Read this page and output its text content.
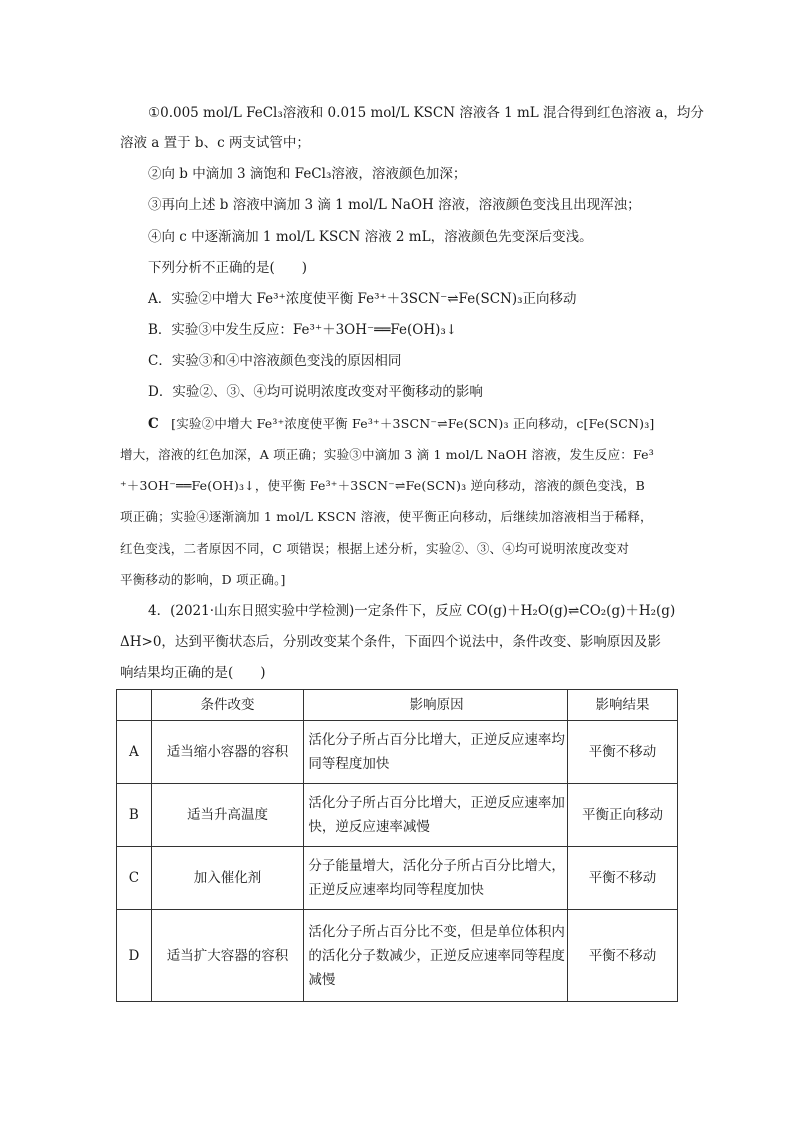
①0.005 mol/L FeCl₃溶液和 0.015 mol/L KSCN 溶液各 1 mL 混合得到红色溶液 a，均分
溶液 a 置于 b、c 两支试管中；
②向 b 中滴加 3 滴饱和 FeCl₃溶液，溶液颜色加深；
③再向上述 b 溶液中滴加 3 滴 1 mol/L NaOH 溶液，溶液颜色变浅且出现浑浊；
④向 c 中逐渐滴加 1 mol/L KSCN 溶液 2 mL，溶液颜色先变深后变浅。
下列分析不正确的是(　　)
A．实验②中增大 Fe³⁺浓度使平衡 Fe³⁺＋3SCN⁻⇌Fe(SCN)₃正向移动
B．实验③中发生反应：Fe³⁺＋3OH⁻══Fe(OH)₃↓
C．实验③和④中溶液颜色变浅的原因相同
D．实验②、③、④均可说明浓度改变对平衡移动的影响
C [实验②中增大 Fe³⁺浓度使平衡 Fe³⁺＋3SCN⁻⇌Fe(SCN)₃ 正向移动，c[Fe(SCN)₃]
增大，溶液的红色加深，A 项正确；实验③中滴加 3 滴 1 mol/L NaOH 溶液，发生反应：Fe³
⁺＋3OH⁻══Fe(OH)₃↓，使平衡 Fe³⁺＋3SCN⁻⇌Fe(SCN)₃ 逆向移动，溶液的颜色变浅，B
项正确；实验④逐渐滴加 1 mol/L KSCN 溶液，使平衡正向移动，后继续加溶液相当于稀释，
红色变浅，二者原因不同，C 项错误；根据上述分析，实验②、③、④均可说明浓度改变对
平衡移动的影响，D 项正确。]
4．(2021·山东日照实验中学检测)一定条件下，反应 CO(g)＋H₂O(g)⇌CO₂(g)＋H₂(g)
ΔH>0，达到平衡状态后，分别改变某个条件，下面四个说法中，条件改变、影响原因及影
响结果均正确的是(　　)
	条件改变	影响原因	影响结果
A	适当缩小容器的容积	活化分子所占百分比增大，正逆反应速率均同等程度加快	平衡不移动
B	适当升高温度	活化分子所占百分比增大，正逆反应速率加快，逆反应速率减慢	平衡正向移动
C	加入催化剂	分子能量增大，活化分子所占百分比增大，正逆反应速率均同等程度加快	平衡不移动
D	适当扩大容器的容积	活化分子所占百分比不变，但是单位体积内的活化分子数减少，正逆反应速率同等程度减慢	平衡不移动
